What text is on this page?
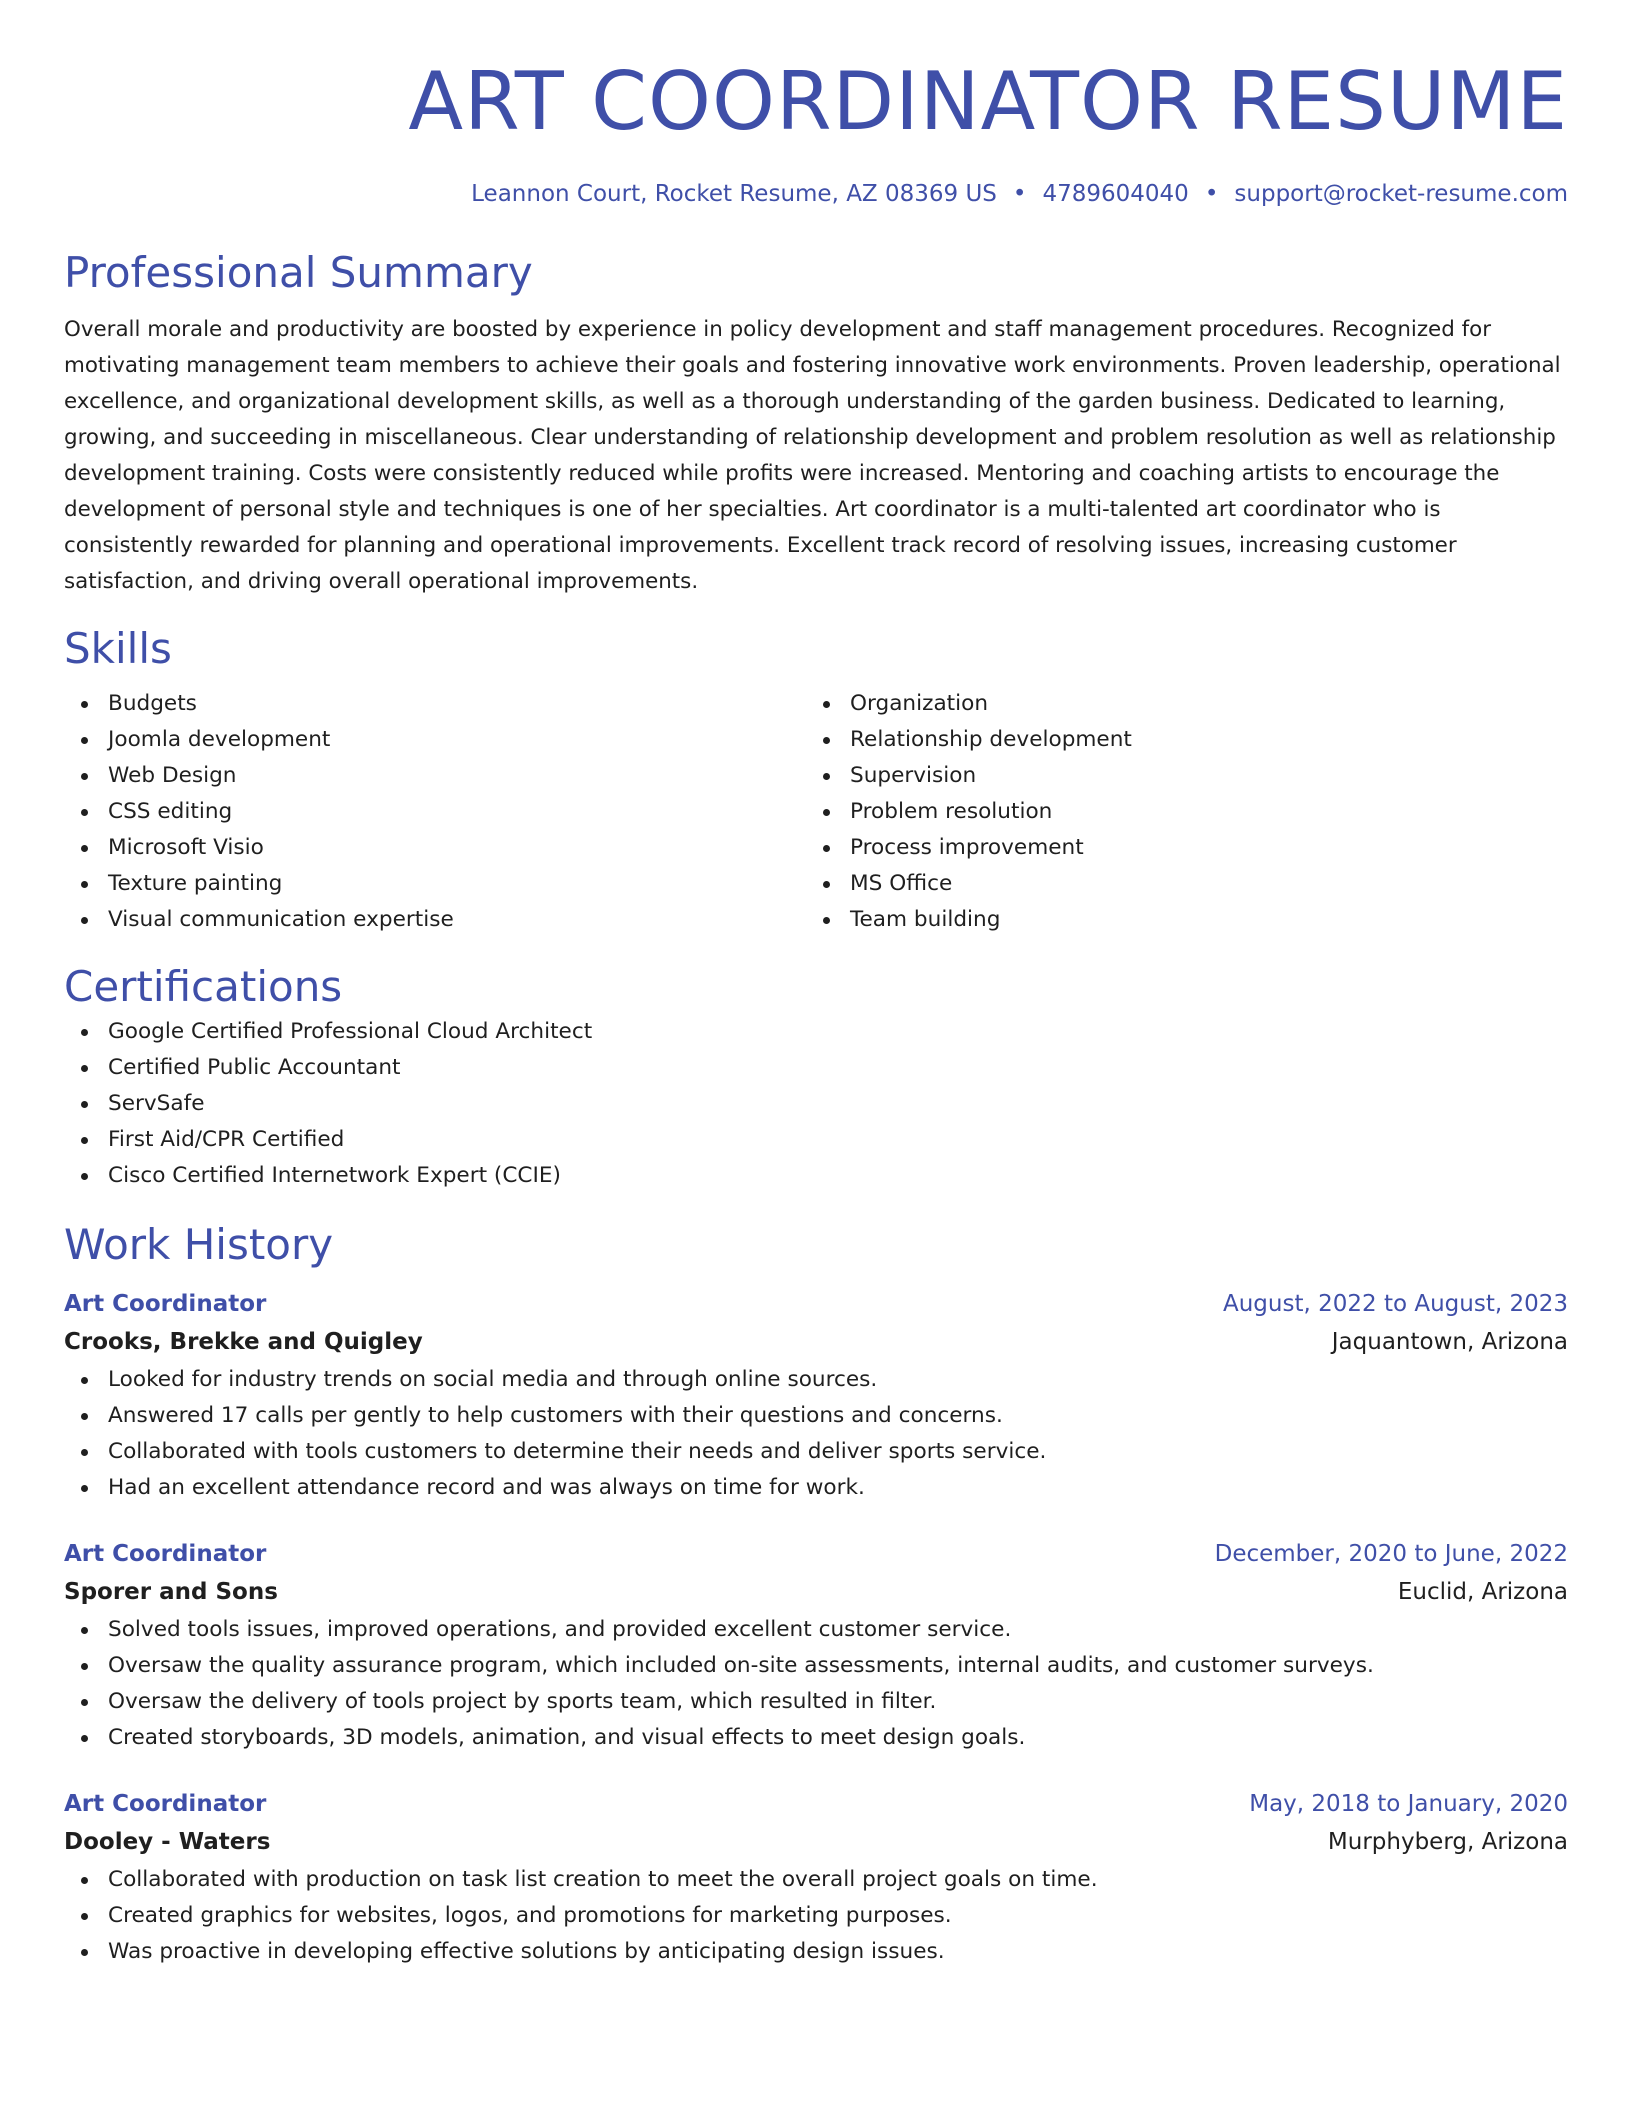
ART COORDINATOR RESUME
Leannon Court, Rocket Resume, AZ 08369 US • 4789604040 • support@rocket-resume.com
Professional Summary
Overall morale and productivity are boosted by experience in policy development and staff management procedures. Recognized for motivating management team members to achieve their goals and fostering innovative work environments. Proven leadership, operational excellence, and organizational development skills, as well as a thorough understanding of the garden business. Dedicated to learning, growing, and succeeding in miscellaneous. Clear understanding of relationship development and problem resolution as well as relationship development training. Costs were consistently reduced while profits were increased. Mentoring and coaching artists to encourage the development of personal style and techniques is one of her specialties. Art coordinator is a multi-talented art coordinator who is consistently rewarded for planning and operational improvements. Excellent track record of resolving issues, increasing customer satisfaction, and driving overall operational improvements.
Skills
Budgets
Joomla development
Web Design
CSS editing
Microsoft Visio
Texture painting
Visual communication expertise
Organization
Relationship development
Supervision
Problem resolution
Process improvement
MS Office
Team building
Certifications
Google Certified Professional Cloud Architect
Certified Public Accountant
ServSafe
First Aid/CPR Certified
Cisco Certified Internetwork Expert (CCIE)
Work History
Art Coordinator	August, 2022 to August, 2023
Crooks, Brekke and Quigley	Jaquantown, Arizona
Looked for industry trends on social media and through online sources.
Answered 17 calls per gently to help customers with their questions and concerns.
Collaborated with tools customers to determine their needs and deliver sports service.
Had an excellent attendance record and was always on time for work.
Art Coordinator	December, 2020 to June, 2022
Sporer and Sons	Euclid, Arizona
Solved tools issues, improved operations, and provided excellent customer service.
Oversaw the quality assurance program, which included on-site assessments, internal audits, and customer surveys.
Oversaw the delivery of tools project by sports team, which resulted in filter.
Created storyboards, 3D models, animation, and visual effects to meet design goals.
Art Coordinator	May, 2018 to January, 2020
Dooley - Waters	Murphyberg, Arizona
Collaborated with production on task list creation to meet the overall project goals on time.
Created graphics for websites, logos, and promotions for marketing purposes.
Was proactive in developing effective solutions by anticipating design issues.
